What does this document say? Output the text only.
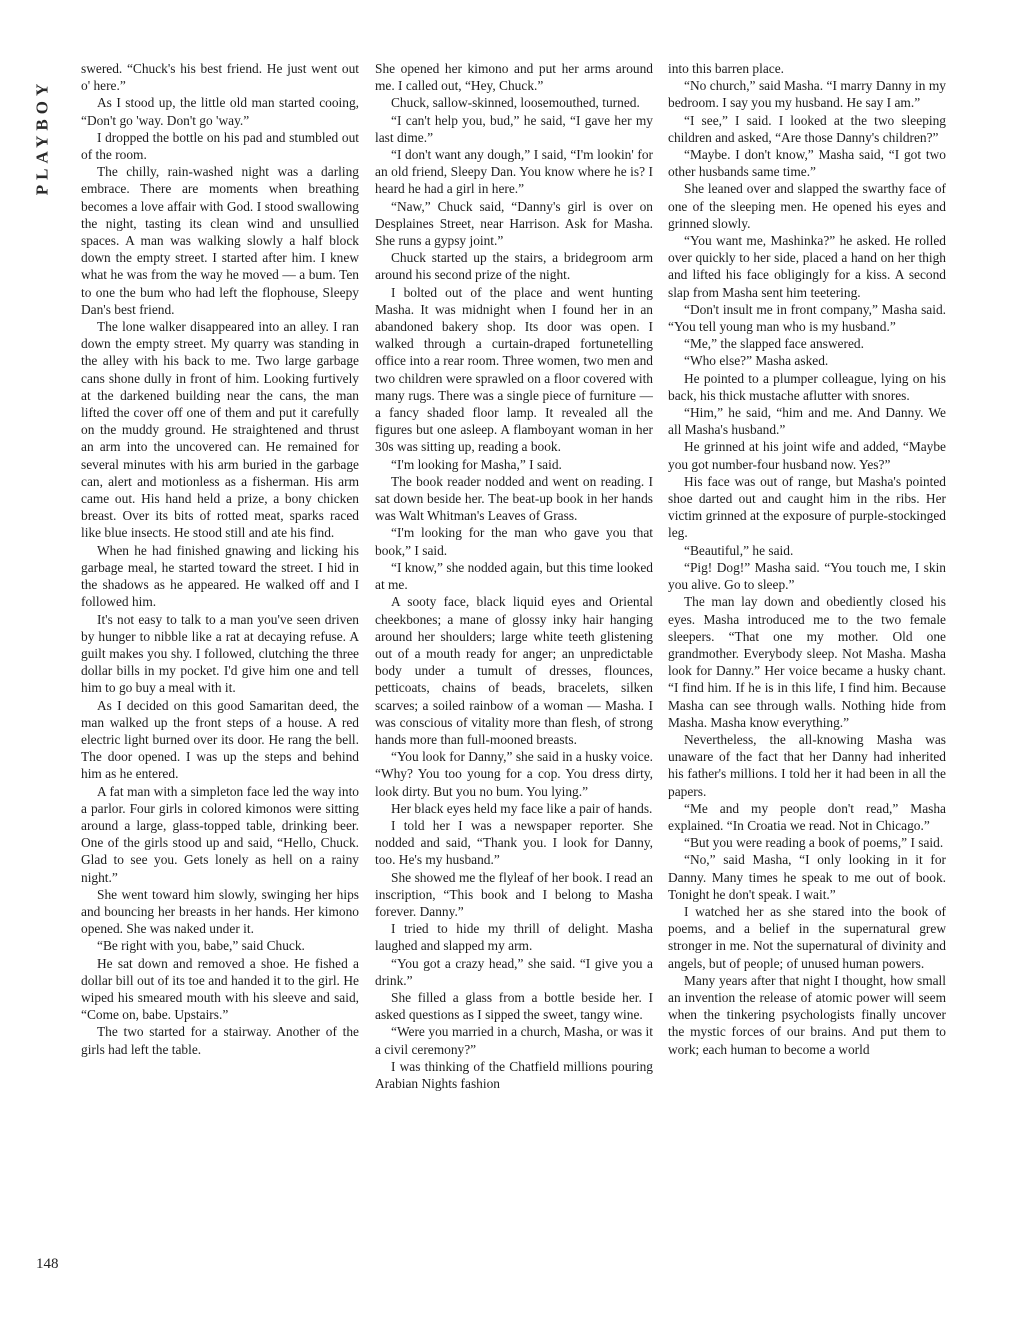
PLAYBOY

swered. “Chuck's his best friend. He just went out o' here.”

As I stood up, the little old man started cooing, “Don't go 'way. Don't go 'way.”

I dropped the bottle on his pad and stumbled out of the room.

The chilly, rain-washed night was a darling embrace. There are moments when breathing becomes a love affair with God. I stood swallowing the night, tasting its clean wind and unsullied spaces. A man was walking slowly a half block down the empty street. I started after him. I knew what he was from the way he moved — a bum. Ten to one the bum who had left the flophouse, Sleepy Dan's best friend.

The lone walker disappeared into an alley. I ran down the empty street. My quarry was standing in the alley with his back to me. Two large garbage cans shone dully in front of him. Looking furtively at the darkened building near the cans, the man lifted the cover off one of them and put it carefully on the muddy ground. He straightened and thrust an arm into the uncovered can. He remained for several minutes with his arm buried in the garbage can, alert and motionless as a fisherman. His arm came out. His hand held a prize, a bony chicken breast. Over its bits of rotted meat, sparks raced like blue insects. He stood still and ate his find.

When he had finished gnawing and licking his garbage meal, he started toward the street. I hid in the shadows as he appeared. He walked off and I followed him.

It's not easy to talk to a man you've seen driven by hunger to nibble like a rat at decaying refuse. A guilt makes you shy. I followed, clutching the three dollar bills in my pocket. I'd give him one and tell him to go buy a meal with it.

As I decided on this good Samaritan deed, the man walked up the front steps of a house. A red electric light burned over its door. He rang the bell. The door opened. I was up the steps and behind him as he entered.

A fat man with a simpleton face led the way into a parlor. Four girls in colored kimonos were sitting around a large, glass-topped table, drinking beer. One of the girls stood up and said, “Hello, Chuck. Glad to see you. Gets lonely as hell on a rainy night.”

She went toward him slowly, swinging her hips and bouncing her breasts in her hands. Her kimono opened. She was naked under it.

“Be right with you, babe,” said Chuck.

He sat down and removed a shoe. He fished a dollar bill out of its toe and handed it to the girl. He wiped his smeared mouth with his sleeve and said, “Come on, babe. Upstairs.”

The two started for a stairway. Another of the girls had left the table.

She opened her kimono and put her arms around me. I called out, “Hey, Chuck.”

Chuck, sallow-skinned, loosemouthed, turned.

“I can't help you, bud,” he said, “I gave her my last dime.”

“I don't want any dough,” I said, “I'm lookin' for an old friend, Sleepy Dan. You know where he is? I heard he had a girl in here.”

“Naw,” Chuck said, “Danny's girl is over on Desplaines Street, near Harrison. Ask for Masha. She runs a gypsy joint.”

Chuck started up the stairs, a bridegroom arm around his second prize of the night.

I bolted out of the place and went hunting Masha. It was midnight when I found her in an abandoned bakery shop. Its door was open. I walked through a curtain-draped fortunetelling office into a rear room. Three women, two men and two children were sprawled on a floor covered with many rugs. There was a single piece of furniture — a fancy shaded floor lamp. It revealed all the figures but one asleep. A flamboyant woman in her 30s was sitting up, reading a book.

“I'm looking for Masha,” I said.

The book reader nodded and went on reading. I sat down beside her. The beat-up book in her hands was Walt Whitman's Leaves of Grass.

“I'm looking for the man who gave you that book,” I said.

“I know,” she nodded again, but this time looked at me.

A sooty face, black liquid eyes and Oriental cheekbones; a mane of glossy inky hair hanging around her shoulders; large white teeth glistening out of a mouth ready for anger; an unpredictable body under a tumult of dresses, flounces, petticoats, chains of beads, bracelets, silken scarves; a soiled rainbow of a woman — Masha. I was conscious of vitality more than flesh, of strong hands more than full-mooned breasts.

“You look for Danny,” she said in a husky voice. “Why? You too young for a cop. You dress dirty, look dirty. But you no bum. You lying.”

Her black eyes held my face like a pair of hands.

I told her I was a newspaper reporter. She nodded and said, “Thank you. I look for Danny, too. He's my husband.”

She showed me the flyleaf of her book. I read an inscription, “This book and I belong to Masha forever. Danny.”

I tried to hide my thrill of delight. Masha laughed and slapped my arm.

“You got a crazy head,” she said. “I give you a drink.”

She filled a glass from a bottle beside her. I asked questions as I sipped the sweet, tangy wine.

“Were you married in a church, Masha, or was it a civil ceremony?”

I was thinking of the Chatfield millions pouring Arabian Nights fashion

into this barren place.

“No church,” said Masha. “I marry Danny in my bedroom. I say you my husband. He say I am.”

“I see,” I said. I looked at the two sleeping children and asked, “Are those Danny's children?”

“Maybe. I don't know,” Masha said, “I got two other husbands same time.”

She leaned over and slapped the swarthy face of one of the sleeping men. He opened his eyes and grinned slowly.

“You want me, Mashinka?” he asked. He rolled over quickly to her side, placed a hand on her thigh and lifted his face obligingly for a kiss. A second slap from Masha sent him teetering.

“Don't insult me in front company,” Masha said. “You tell young man who is my husband.”

“Me,” the slapped face answered.

“Who else?” Masha asked.

He pointed to a plumper colleague, lying on his back, his thick mustache aflutter with snores.

“Him,” he said, “him and me. And Danny. We all Masha's husband.”

He grinned at his joint wife and added, “Maybe you got number-four husband now. Yes?”

His face was out of range, but Masha's pointed shoe darted out and caught him in the ribs. Her victim grinned at the exposure of purple-stockinged leg.

“Beautiful,” he said.

“Pig! Dog!” Masha said. “You touch me, I skin you alive. Go to sleep.”

The man lay down and obediently closed his eyes. Masha introduced me to the two female sleepers. “That one my mother. Old one grandmother. Everybody sleep. Not Masha. Masha look for Danny.” Her voice became a husky chant. “I find him. If he is in this life, I find him. Because Masha can see through walls. Nothing hide from Masha. Masha know everything.”

Nevertheless, the all-knowing Masha was unaware of the fact that her Danny had inherited his father's millions. I told her it had been in all the papers.

“Me and my people don't read,” Masha explained. “In Croatia we read. Not in Chicago.”

“But you were reading a book of poems,” I said.

“No,” said Masha, “I only looking in it for Danny. Many times he speak to me out of book. Tonight he don't speak. I wait.”

I watched her as she stared into the book of poems, and a belief in the supernatural grew stronger in me. Not the supernatural of divinity and angels, but of people; of unused human powers.

Many years after that night I thought, how small an invention the release of atomic power will seem when the tinkering psychologists finally uncover the mystic forces of our brains. And put them to work; each human to become a world

148
